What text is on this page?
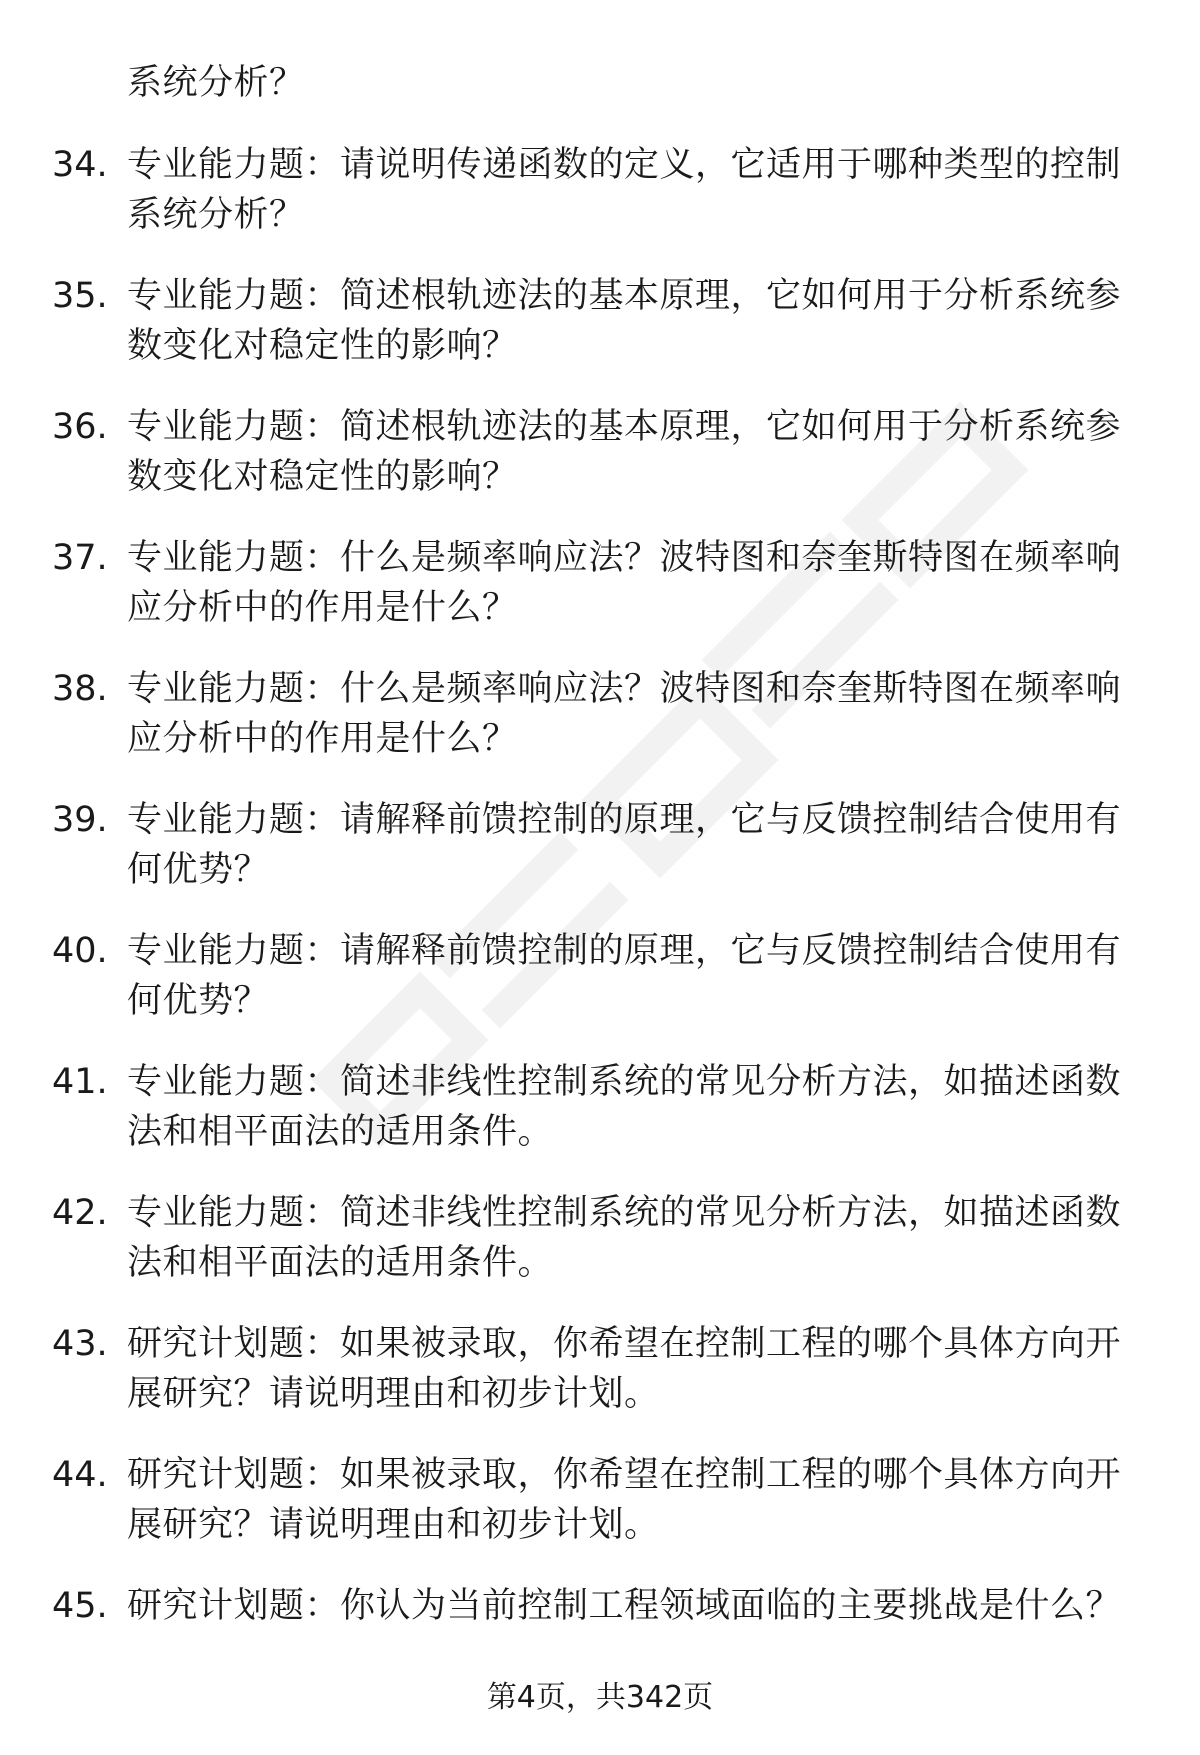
系统分析？
34. 专业能力题：请说明传递函数的定义，它适用于哪种类型的控制系统分析？
35. 专业能力题：简述根轨迹法的基本原理，它如何用于分析系统参数变化对稳定性的影响？
36. 专业能力题：简述根轨迹法的基本原理，它如何用于分析系统参数变化对稳定性的影响？
37. 专业能力题：什么是频率响应法？波特图和奈奎斯特图在频率响应分析中的作用是什么？
38. 专业能力题：什么是频率响应法？波特图和奈奎斯特图在频率响应分析中的作用是什么？
39. 专业能力题：请解释前馈控制的原理，它与反馈控制结合使用有何优势？
40. 专业能力题：请解释前馈控制的原理，它与反馈控制结合使用有何优势？
41. 专业能力题：简述非线性控制系统的常见分析方法，如描述函数法和相平面法的适用条件。
42. 专业能力题：简述非线性控制系统的常见分析方法，如描述函数法和相平面法的适用条件。
43. 研究计划题：如果被录取，你希望在控制工程的哪个具体方向开展研究？请说明理由和初步计划。
44. 研究计划题：如果被录取，你希望在控制工程的哪个具体方向开展研究？请说明理由和初步计划。
45. 研究计划题：你认为当前控制工程领域面临的主要挑战是什么？
第4页，共342页
